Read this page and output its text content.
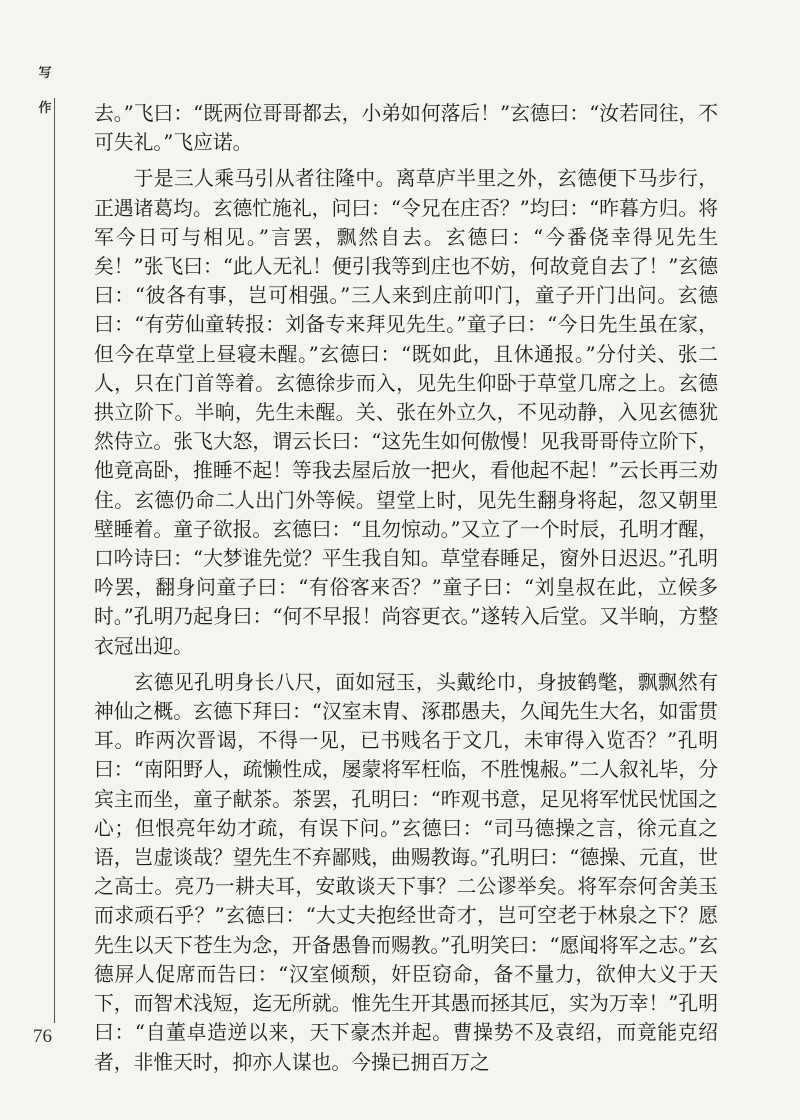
写
作 去。”飞曰：“既两位哥哥都去，小弟如何落后！”玄德曰：“汝若同往，不可失礼。”飞应诺。

于是三人乘马引从者往隆中。离草庐半里之外，玄德便下马步行，正遇诸葛均。玄德忙施礼，问曰：“令兄在庄否？”均曰：“昨暮方归。将军今日可与相见。”言罢，飘然自去。玄德曰：“今番侥幸得见先生矣！”张飞曰：“此人无礼！便引我等到庄也不妨，何故竟自去了！”玄德曰：“彼各有事，岂可相强。”三人来到庄前叩门，童子开门出问。玄德曰：“有劳仙童转报：刘备专来拜见先生。”童子曰：“今日先生虽在家，但今在草堂上昼寝未醒。”玄德曰：“既如此，且休通报。”分付关、张二人，只在门首等着。玄德徐步而入，见先生仰卧于草堂几席之上。玄德拱立阶下。半晌，先生未醒。关、张在外立久，不见动静，入见玄德犹然侍立。张飞大怒，谓云长曰：“这先生如何傲慢！见我哥哥侍立阶下，他竟高卧，推睡不起！等我去屋后放一把火，看他起不起！”云长再三劝住。玄德仍命二人出门外等候。望堂上时，见先生翻身将起，忽又朝里壁睡着。童子欲报。玄德曰：“且勿惊动。”又立了一个时辰，孔明才醒，口吟诗曰：“大梦谁先觉？平生我自知。草堂春睡足，窗外日迟迟。”孔明吟罢，翻身问童子曰：“有俗客来否？”童子曰：“刘皇叔在此，立候多时。”孔明乃起身曰：“何不早报！尚容更衣。”遂转入后堂。又半晌，方整衣冠出迎。

玄德见孔明身长八尺，面如冠玉，头戴纶巾，身披鹤氅，飘飘然有神仙之概。玄德下拜曰：“汉室末胄、涿郡愚夫，久闻先生大名，如雷贯耳。昨两次晋谒，不得一见，已书贱名于文几，未审得入览否？”孔明曰：“南阳野人，疏懒性成，屡蒙将军枉临，不胜愧赧。”二人叙礼毕，分宾主而坐，童子献茶。茶罢，孔明曰：“昨观书意，足见将军忧民忧国之心；但恨亮年幼才疏，有误下问。”玄德曰：“司马德操之言，徐元直之语，岂虚谈哉？望先生不弃鄙贱，曲赐教诲。”孔明曰：“德操、元直，世之高士。亮乃一耕夫耳，安敢谈天下事？二公谬举矣。将军奈何舍美玉而求顽石乎？”玄德曰：“大丈夫抱经世奇才，岂可空老于林泉之下？愿先生以天下苍生为念，开备愚鲁而赐教。”孔明笑曰：“愿闻将军之志。”玄德屏人促席而告曰：“汉室倾颓，奸臣窃命，备不量力，欲伸大义于天下，而智术浅短，迄无所就。惟先生开其愚而拯其厄，实为万幸！”孔明曰：“自董卓造逆以来，天下豪杰并起。曹操势不及袁绍，而竟能克绍者，非惟天时，抑亦人谋也。今操已拥百万之

76
